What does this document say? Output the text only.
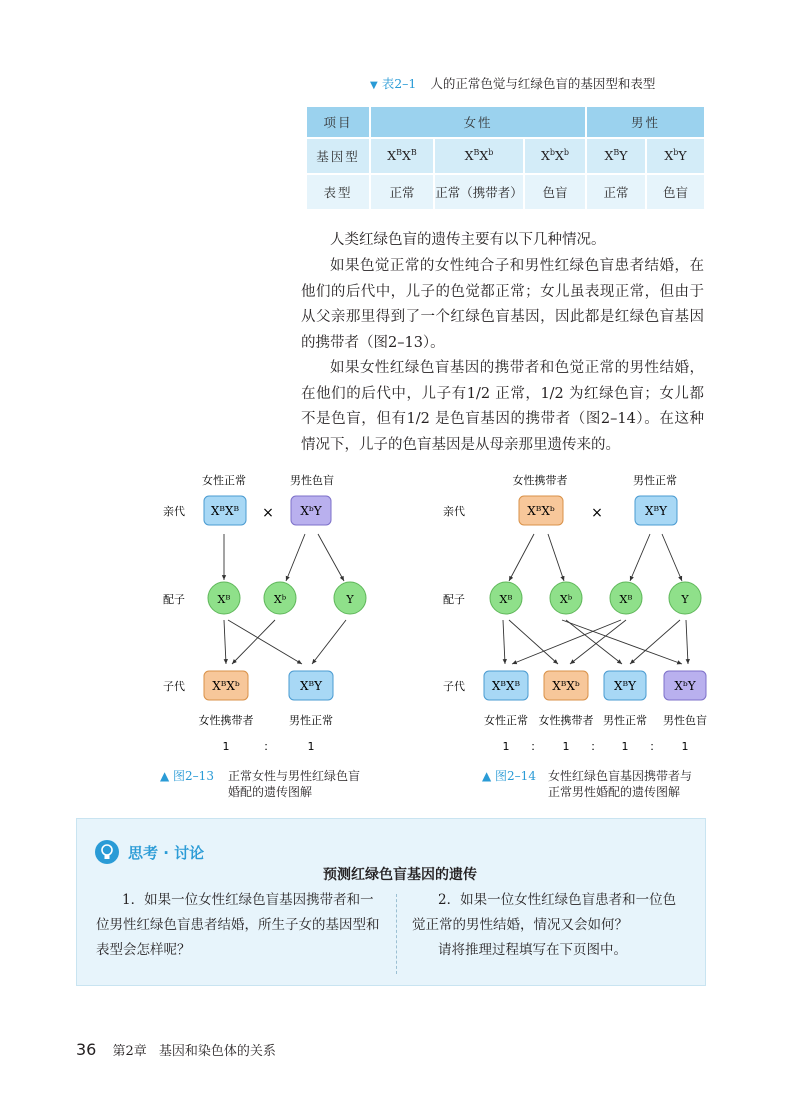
▼ 表2–1 人的正常色觉与红绿色盲的基因型和表型
项目	女性			男性	
基因型	$X^BX^B$	$X^BX^b$	$X^bX^b$	$X^BY$	$X^bY$
表型	正常	正常（携带者）	色盲	正常	色盲
人类红绿色盲的遗传主要有以下几种情况。
如果色觉正常的女性纯合子和男性红绿色盲患者结婚，在他们的后代中，儿子的色觉都正常；女儿虽表现正常，但由于从父亲那里得到了一个红绿色盲基因，因此都是红绿色盲基因的携带者（图2–13）。
如果女性红绿色盲基因的携带者和色觉正常的男性结婚，在他们的后代中，儿子有1/2 正常，1/2 为红绿色盲；女儿都不是色盲，但有1/2 是色盲基因的携带者（图2–14）。在这种情况下，儿子的色盲基因是从母亲那里遗传来的。
亲代
配子
子代
女性正常	男性色盲
XᴮXᴮ × XᵇY
Xᴮ	Xᵇ	Y
XᴮXᵇ	XᴮY
女性携带者	男性正常
1	：	1
亲代
配子
子代
女性携带者	男性正常
XᴮXᵇ	×	XᴮY
Xᴮ	Xᵇ	Xᴮ	Y
XᴮXᴮ	XᴮXᵇ	XᴮY	XᵇY
女性正常 女性携带者 男性正常 男性色盲
1 ： 1 ： 1 ： 1
▲ 图2–13 正常女性与男性红绿色盲
婚配的遗传图解
▲ 图2–14 女性红绿色盲基因携带者与
正常男性婚配的遗传图解
思考 · 讨论
预测红绿色盲基因的遗传
1．如果一位女性红绿色盲基因携带者和一位男性红绿色盲患者结婚，所生子女的基因型和表型会怎样呢？
2．如果一位女性红绿色盲患者和一位色觉正常的男性结婚，情况又会如何？
请将推理过程填写在下页图中。
36 第2章 基因和染色体的关系
